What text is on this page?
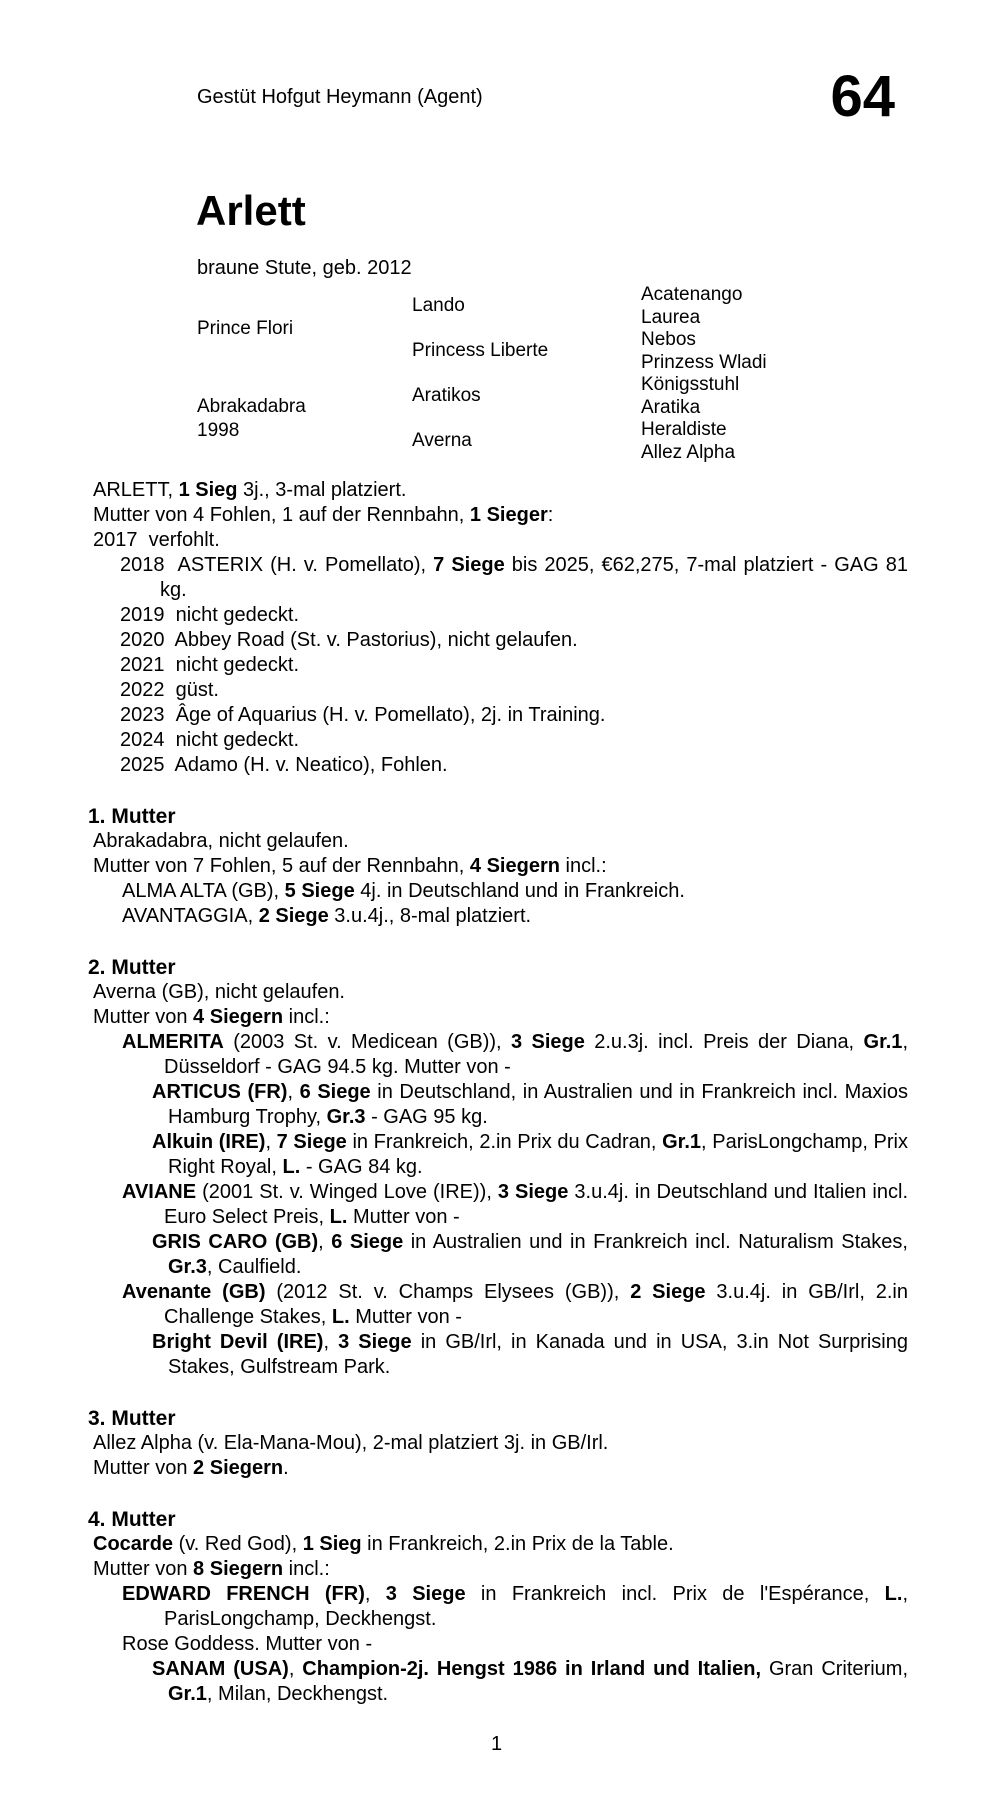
Gestüt Hofgut Heymann (Agent)	64
Arlett
braune Stute, geb. 2012
Prince Flori
Abrakadabra
1998
Lando
Princess Liberte
Aratikos
Averna
Acatenango
Laurea
Nebos
Prinzess Wladi
Königsstuhl
Aratika
Heraldiste
Allez Alpha

ARLETT, 1 Sieg 3j., 3-mal platziert.

Mutter von 4 Fohlen, 1 auf der Rennbahn, 1 Sieger:

2017  verfohlt.

2018  ASTERIX (H. v. Pomellato), 7 Siege bis 2025, €62,275, 7-mal platziert - GAG 81 kg.

2019  nicht gedeckt.

2020  Abbey Road (St. v. Pastorius), nicht gelaufen.

2021  nicht gedeckt.

2022  güst.

2023  Âge of Aquarius (H. v. Pomellato), 2j. in Training.

2024  nicht gedeckt.

2025  Adamo (H. v. Neatico), Fohlen.

1. Mutter

Abrakadabra, nicht gelaufen.

Mutter von 7 Fohlen, 5 auf der Rennbahn, 4 Siegern incl.:

ALMA ALTA (GB), 5 Siege 4j. in Deutschland und in Frankreich.

AVANTAGGIA, 2 Siege 3.u.4j., 8-mal platziert.

2. Mutter

Averna (GB), nicht gelaufen.

Mutter von 4 Siegern incl.:

ALMERITA (2003 St. v. Medicean (GB)), 3 Siege 2.u.3j. incl. Preis der Diana, Gr.1, Düsseldorf - GAG 94.5 kg. Mutter von -

ARTICUS (FR), 6 Siege in Deutschland, in Australien und in Frankreich incl. Maxios Hamburg Trophy, Gr.3 - GAG 95 kg.

Alkuin (IRE), 7 Siege in Frankreich, 2.in Prix du Cadran, Gr.1, ParisLongchamp, Prix Right Royal, L. - GAG 84 kg.

AVIANE (2001 St. v. Winged Love (IRE)), 3 Siege 3.u.4j. in Deutschland und Italien incl. Euro Select Preis, L. Mutter von -

GRIS CARO (GB), 6 Siege in Australien und in Frankreich incl. Naturalism Stakes, Gr.3, Caulfield.

Avenante (GB) (2012 St. v. Champs Elysees (GB)), 2 Siege 3.u.4j. in GB/Irl, 2.in Challenge Stakes, L. Mutter von -

Bright Devil (IRE), 3 Siege in GB/Irl, in Kanada und in USA, 3.in Not Surprising Stakes, Gulfstream Park.

3. Mutter

Allez Alpha (v. Ela-Mana-Mou), 2-mal platziert 3j. in GB/Irl.

Mutter von 2 Siegern.

4. Mutter

Cocarde (v. Red God), 1 Sieg in Frankreich, 2.in Prix de la Table.

Mutter von 8 Siegern incl.:

EDWARD FRENCH (FR), 3 Siege in Frankreich incl. Prix de l'Espérance, L., ParisLongchamp, Deckhengst.

Rose Goddess. Mutter von -

SANAM (USA), Champion-2j. Hengst 1986 in Irland und Italien, Gran Criterium, Gr.1, Milan, Deckhengst.

1
